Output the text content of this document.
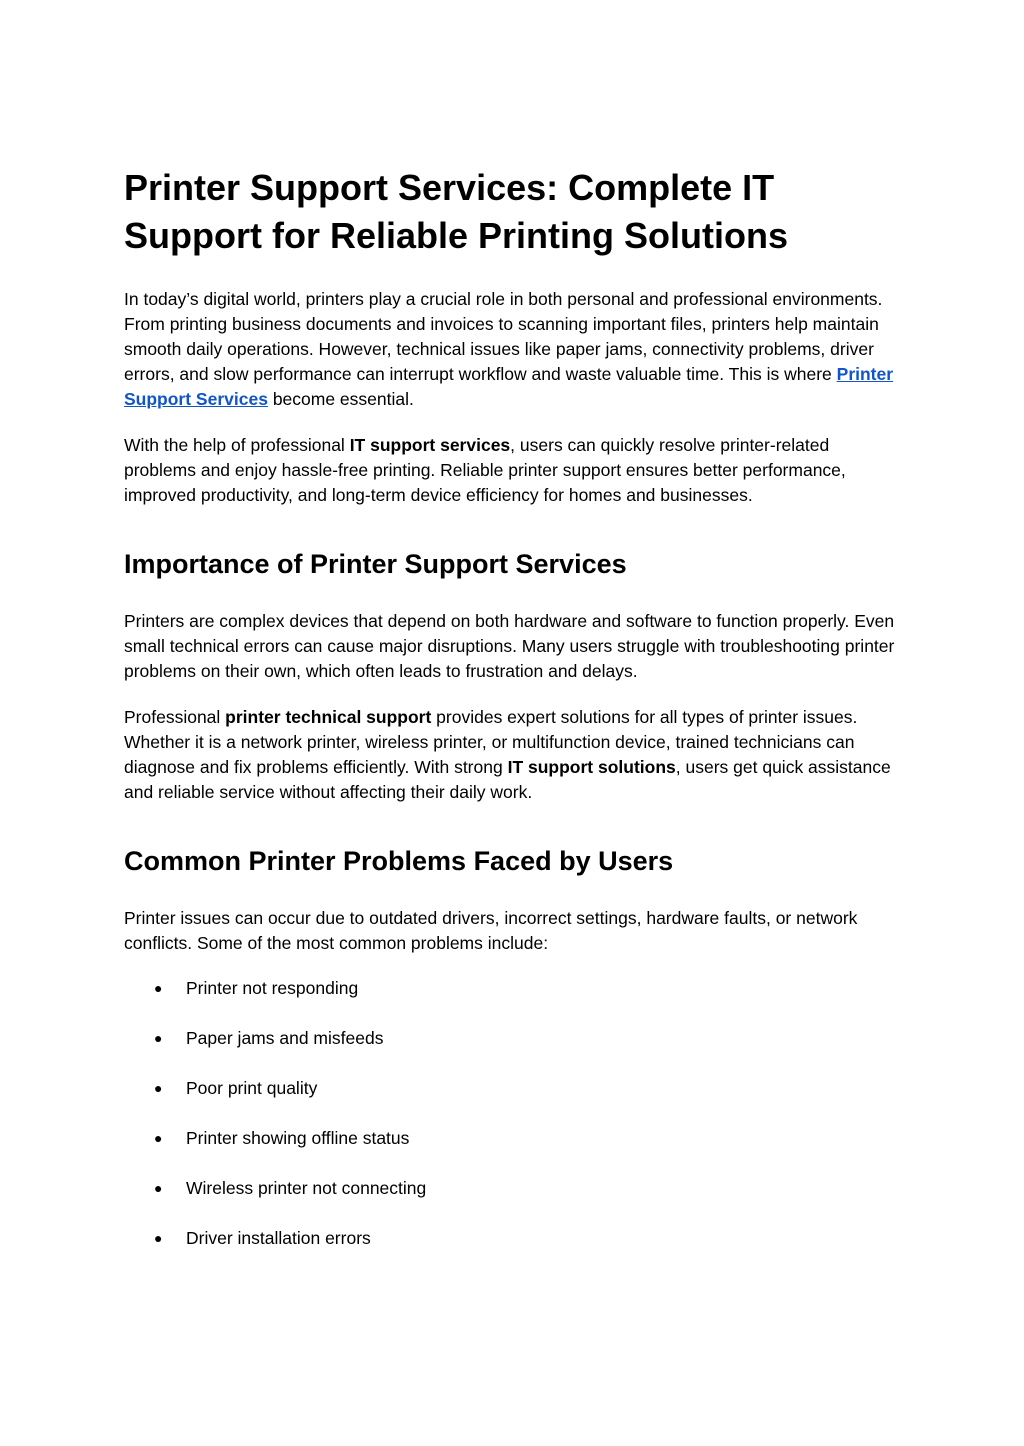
Printer Support Services: Complete IT Support for Reliable Printing Solutions

In today’s digital world, printers play a crucial role in both personal and professional environments. From printing business documents and invoices to scanning important files, printers help maintain smooth daily operations. However, technical issues like paper jams, connectivity problems, driver errors, and slow performance can interrupt workflow and waste valuable time. This is where Printer Support Services become essential.

With the help of professional IT support services, users can quickly resolve printer-related problems and enjoy hassle-free printing. Reliable printer support ensures better performance, improved productivity, and long-term device efficiency for homes and businesses.

Importance of Printer Support Services

Printers are complex devices that depend on both hardware and software to function properly. Even small technical errors can cause major disruptions. Many users struggle with troubleshooting printer problems on their own, which often leads to frustration and delays.

Professional printer technical support provides expert solutions for all types of printer issues. Whether it is a network printer, wireless printer, or multifunction device, trained technicians can diagnose and fix problems efficiently. With strong IT support solutions, users get quick assistance and reliable service without affecting their daily work.

Common Printer Problems Faced by Users

Printer issues can occur due to outdated drivers, incorrect settings, hardware faults, or network conflicts. Some of the most common problems include:

● Printer not responding
● Paper jams and misfeeds
● Poor print quality
● Printer showing offline status
● Wireless printer not connecting
● Driver installation errors
